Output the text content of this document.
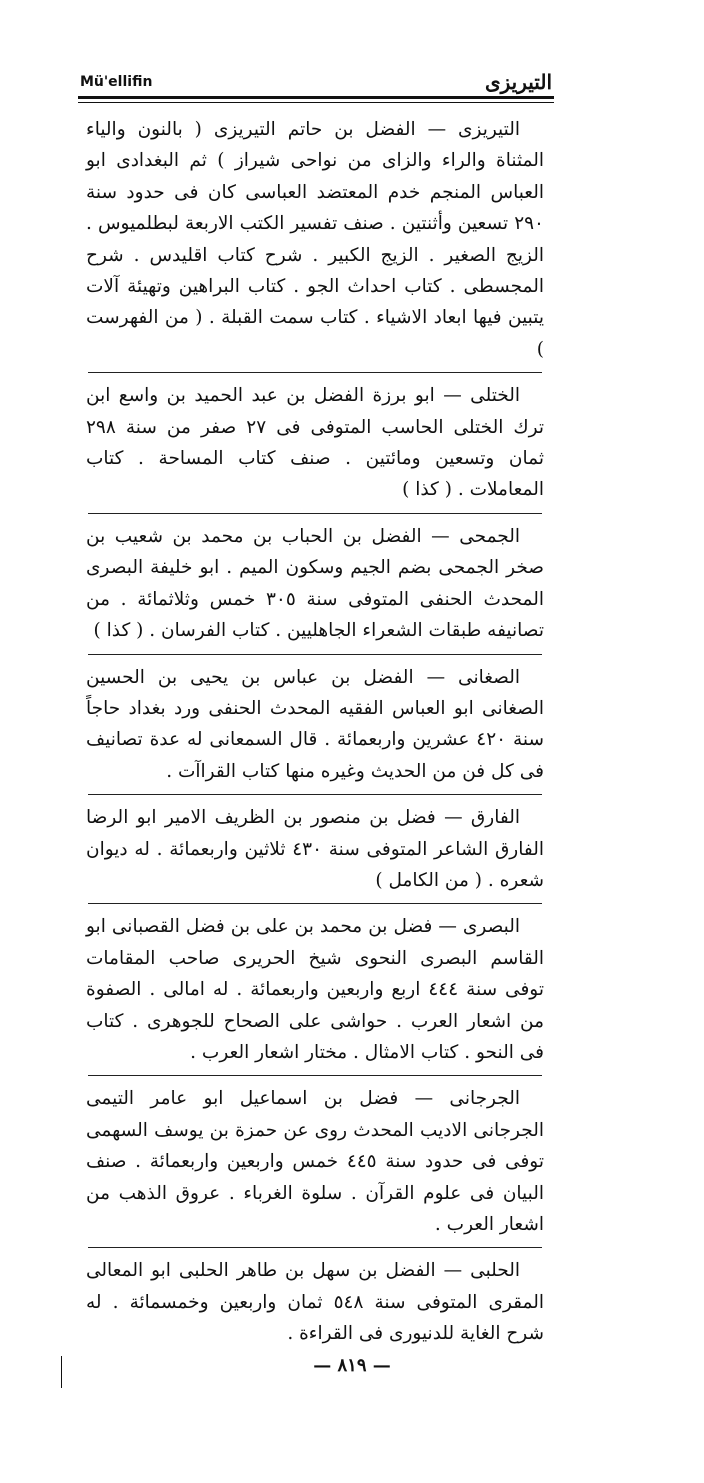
Mü'ellifin	التيريزى

التيريزى — الفضل بن حاتم التيريزى ( بالنون والياء المثناة والراء والزاى من نواحى شيراز ) ثم البغدادى ابو العباس المنجم خدم المعتضد العباسى كان فى حدود سنة ٢٩٠ تسعين وأثنتين . صنف تفسير الكتب الاربعة لبطلميوس . الزيج الصغير . الزيج الكبير . شرح كتاب اقليدس . شرح المجسطى . كتاب احداث الجو . كتاب البراهين وتهيئة آلات يتبين فيها ابعاد الاشياء . كتاب سمت القبلة . ( من الفهرست )

الختلى — ابو برزة الفضل بن عبد الحميد بن واسع ابن ترك الختلى الحاسب المتوفى فى ٢٧ صفر من سنة ٢٩٨ ثمان وتسعين ومائتين . صنف كتاب المساحة . كتاب المعاملات . ( كذا )

الجمحى — الفضل بن الحباب بن محمد بن شعيب بن صخر الجمحى بضم الجيم وسكون الميم . ابو خليفة البصرى المحدث الحنفى المتوفى سنة ٣٠٥ خمس وثلاثمائة . من تصانيفه طبقات الشعراء الجاهليين . كتاب الفرسان . ( كذا )

الصغانى — الفضل بن عباس بن يحيى بن الحسين الصغانى ابو العباس الفقيه المحدث الحنفى ورد بغداد حاجاً سنة ٤٢٠ عشرين واربعمائة . قال السمعانى له عدة تصانيف فى كل فن من الحديث وغيره منها كتاب القراآت .

الفارق — فضل بن منصور بن الظريف الامير ابو الرضا الفارق الشاعر المتوفى سنة ٤٣٠ ثلاثين واربعمائة . له ديوان شعره . ( من الكامل )

البصرى — فضل بن محمد بن على بن فضل القصبانى ابو القاسم البصرى النحوى شيخ الحريرى صاحب المقامات توفى سنة ٤٤٤ اربع واربعين واربعمائة . له امالى . الصفوة من اشعار العرب . حواشى على الصحاح للجوهرى . كتاب فى النحو . كتاب الامثال . مختار اشعار العرب .

الجرجانى — فضل بن اسماعيل ابو عامر التيمى الجرجانى الاديب المحدث روى عن حمزة بن يوسف السهمى توفى فى حدود سنة ٤٤٥ خمس واربعين واربعمائة . صنف البيان فى علوم القرآن . سلوة الغرباء . عروق الذهب من اشعار العرب .

الحلبى — الفضل بن سهل بن طاهر الحلبى ابو المعالى المقرى المتوفى سنة ٥٤٨ ثمان واربعين وخمسمائة . له شرح الغاية للدنيورى فى القراءة .

— ٨١٩ —
